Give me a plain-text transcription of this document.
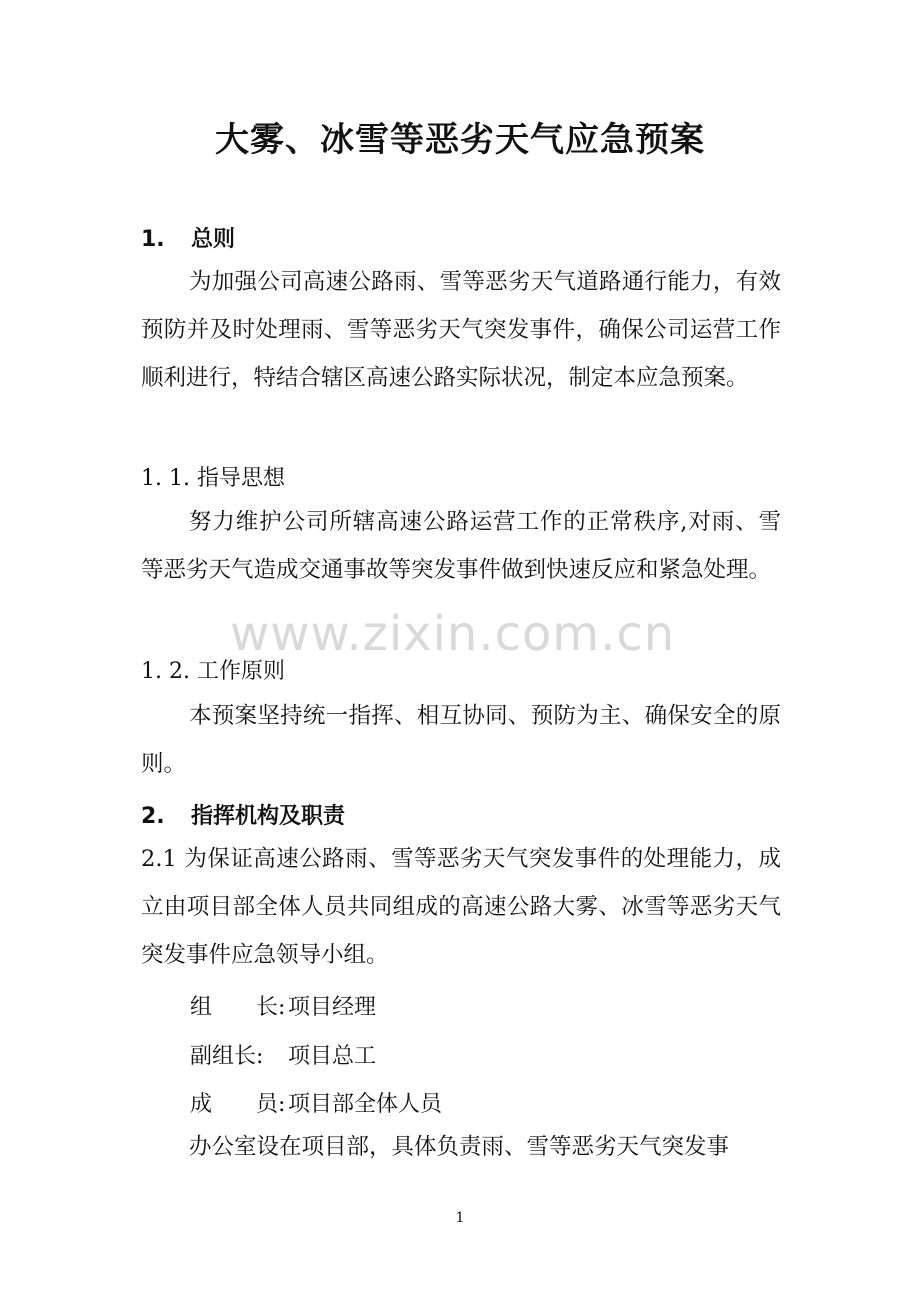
大雾、冰雪等恶劣天气应急预案
1. 总则

为加强公司高速公路雨、雪等恶劣天气道路通行能力，有效预防并及时处理雨、雪等恶劣天气突发事件，确保公司运营工作顺利进行，特结合辖区高速公路实际状况，制定本应急预案。

1. 1. 指导思想

努力维护公司所辖高速公路运营工作的正常秩序,对雨、雪等恶劣天气造成交通事故等突发事件做到快速反应和紧急处理。

1. 2. 工作原则

本预案坚持统一指挥、相互协同、预防为主、确保安全的原则。

2. 指挥机构及职责

2.1 为保证高速公路雨、雪等恶劣天气突发事件的处理能力，成立由项目部全体人员共同组成的高速公路大雾、冰雪等恶劣天气突发事件应急领导小组。

组　　长: 项目经理
副组长: 项目总工
成　　员: 项目部全体人员

办公室设在项目部，具体负责雨、雪等恶劣天气突发事

www.zixin.com.cn
1
